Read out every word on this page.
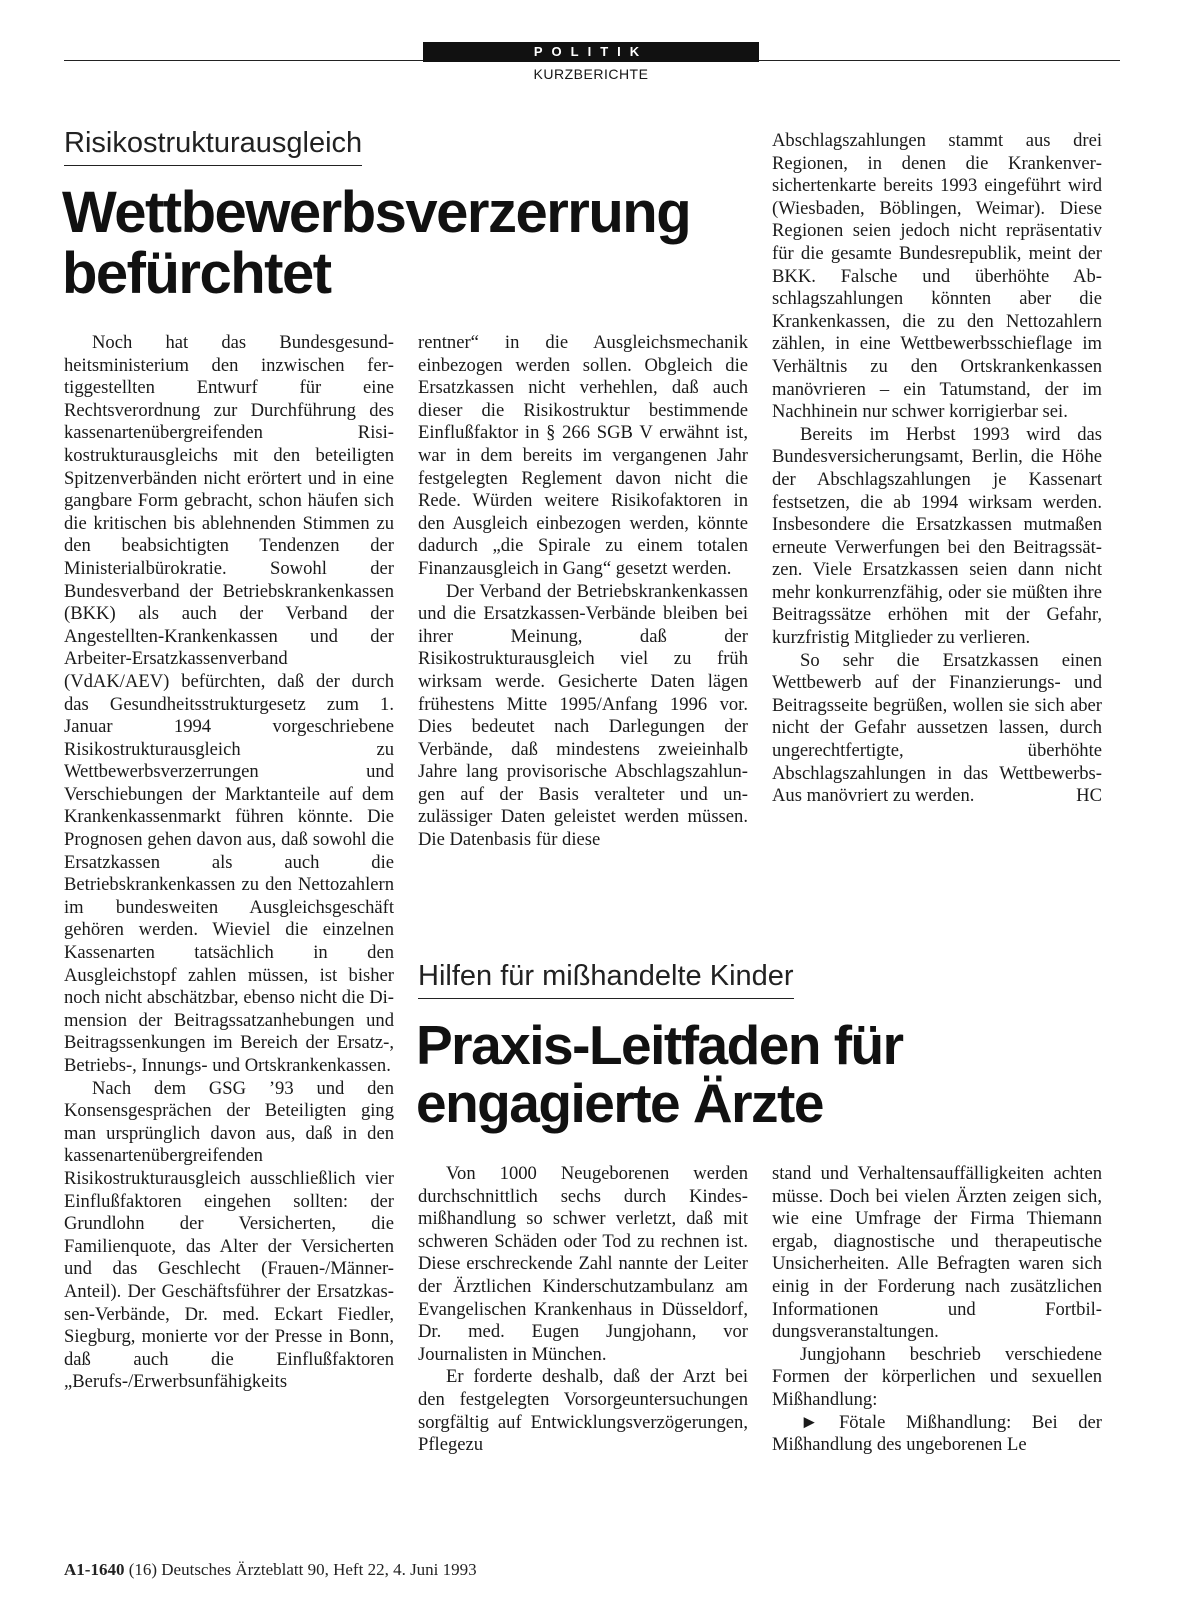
POLITIK
KURZBERICHTE
Risikostrukturausgleich
Wettbewerbsverzerrung befürchtet

Noch hat das Bundesgesundheitsministerium den inzwischen fertiggestellten Entwurf für eine Rechtsverordnung zur Durchführung des kassenartenübergreifenden Risikostrukturausgleichs mit den beteiligten Spitzenverbänden nicht erörtert und in eine gangbare Form gebracht, schon häufen sich die kritischen bis ablehnenden Stimmen zu den beabsichtigten Tendenzen der Ministerialbürokratie. Sowohl der Bundesverband der Betriebskrankenkassen (BKK) als auch der Verband der Angestellten-Krankenkassen und der Arbeiter-Ersatzkassenverband (VdAK/AEV) befürchten, daß der durch das Gesundheitsstrukturgesetz zum 1. Januar 1994 vorgeschriebene Risikostrukturausgleich zu Wettbewerbsverzerrungen und Verschiebungen der Marktanteile auf dem Krankenkassenmarkt führen könnte. Die Prognosen gehen davon aus, daß sowohl die Ersatzkassen als auch die Betriebskrankenkassen zu den Nettozahlern im bundesweiten Ausgleichsgeschäft gehören werden. Wieviel die einzelnen Kassenarten tatsächlich in den Ausgleichstopf zahlen müssen, ist bisher noch nicht abschätzbar, ebenso nicht die Dimension der Beitragssatzanhebungen und Beitragssenkungen im Bereich der Ersatz-, Betriebs-, Innungs- und Ortskrankenkassen.

Nach dem GSG ’93 und den Konsensgesprächen der Beteiligten ging man ursprünglich davon aus, daß in den kassenartenübergreifenden Risikostrukturausgleich ausschließlich vier Einflußfaktoren eingehen sollten: der Grundlohn der Versicherten, die Familienquote, das Alter der Versicherten und das Geschlecht (Frauen-/Männer-Anteil). Der Geschäftsführer der Ersatzkassen-Verbände, Dr. med. Eckart Fiedler, Siegburg, monierte vor der Presse in Bonn, daß auch die Einflußfaktoren „Berufs-/Erwerbsunfähigkeits

rentner“ in die Ausgleichsmechanik einbezogen werden sollen. Obgleich die Ersatzkassen nicht verhehlen, daß auch dieser die Risikostruktur bestimmende Einflußfaktor in § 266 SGB V erwähnt ist, war in dem bereits im vergangenen Jahr festgelegten Reglement davon nicht die Rede. Würden weitere Risikofaktoren in den Ausgleich einbezogen werden, könnte dadurch „die Spirale zu einem totalen Finanzausgleich in Gang“ gesetzt werden.

Der Verband der Betriebskrankenkassen und die Ersatzkassen-Verbände bleiben bei ihrer Meinung, daß der Risikostrukturausgleich viel zu früh wirksam werde. Gesicherte Daten lägen frühestens Mitte 1995/Anfang 1996 vor. Dies bedeutet nach Darlegungen der Verbände, daß mindestens zweieinhalb Jahre lang provisorische Abschlagszahlungen auf der Basis veralteter und unzulässiger Daten geleistet werden müssen. Die Datenbasis für diese

Abschlagszahlungen stammt aus drei Regionen, in denen die Krankenversichertenkarte bereits 1993 eingeführt wird (Wiesbaden, Böblingen, Weimar). Diese Regionen seien jedoch nicht repräsentativ für die gesamte Bundesrepublik, meint der BKK. Falsche und überhöhte Abschlagszahlungen könnten aber die Krankenkassen, die zu den Nettozahlern zählen, in eine Wettbewerbsschieflage im Verhältnis zu den Ortskrankenkassen manövrieren – ein Tatumstand, der im Nachhinein nur schwer korrigierbar sei.

Bereits im Herbst 1993 wird das Bundesversicherungsamt, Berlin, die Höhe der Abschlagszahlungen je Kassenart festsetzen, die ab 1994 wirksam werden. Insbesondere die Ersatzkassen mutmaßen erneute Verwerfungen bei den Beitragssätzen. Viele Ersatzkassen seien dann nicht mehr konkurrenzfähig, oder sie müßten ihre Beitragssätze erhöhen mit der Gefahr, kurzfristig Mitglieder zu verlieren.

So sehr die Ersatzkassen einen Wettbewerb auf der Finanzierungs- und Beitragsseite begrüßen, wollen sie sich aber nicht der Gefahr aussetzen lassen, durch ungerechtfertigte, überhöhte Abschlagszahlungen in das Wettbewerbs-Aus manövriert zu werden.	HC

Hilfen für mißhandelte Kinder
Praxis-Leitfaden für engagierte Ärzte

Von 1000 Neugeborenen werden durchschnittlich sechs durch Kindesmißhandlung so schwer verletzt, daß mit schweren Schäden oder Tod zu rechnen ist. Diese erschreckende Zahl nannte der Leiter der Ärztlichen Kinderschutzambulanz am Evangelischen Krankenhaus in Düsseldorf, Dr. med. Eugen Jungjohann, vor Journalisten in München.

Er forderte deshalb, daß der Arzt bei den festgelegten Vorsorgeuntersuchungen sorgfältig auf Entwicklungsverzögerungen, Pflegezu

stand und Verhaltensauffälligkeiten achten müsse. Doch bei vielen Ärzten zeigen sich, wie eine Umfrage der Firma Thiemann ergab, diagnostische und therapeutische Unsicherheiten. Alle Befragten waren sich einig in der Forderung nach zusätzlichen Informationen und Fortbildungsveranstaltungen.

Jungjohann beschrieb verschiedene Formen der körperlichen und sexuellen Mißhandlung:

► Fötale Mißhandlung: Bei der Mißhandlung des ungeborenen Le

A1-1640 (16) Deutsches Ärzteblatt 90, Heft 22, 4. Juni 1993
